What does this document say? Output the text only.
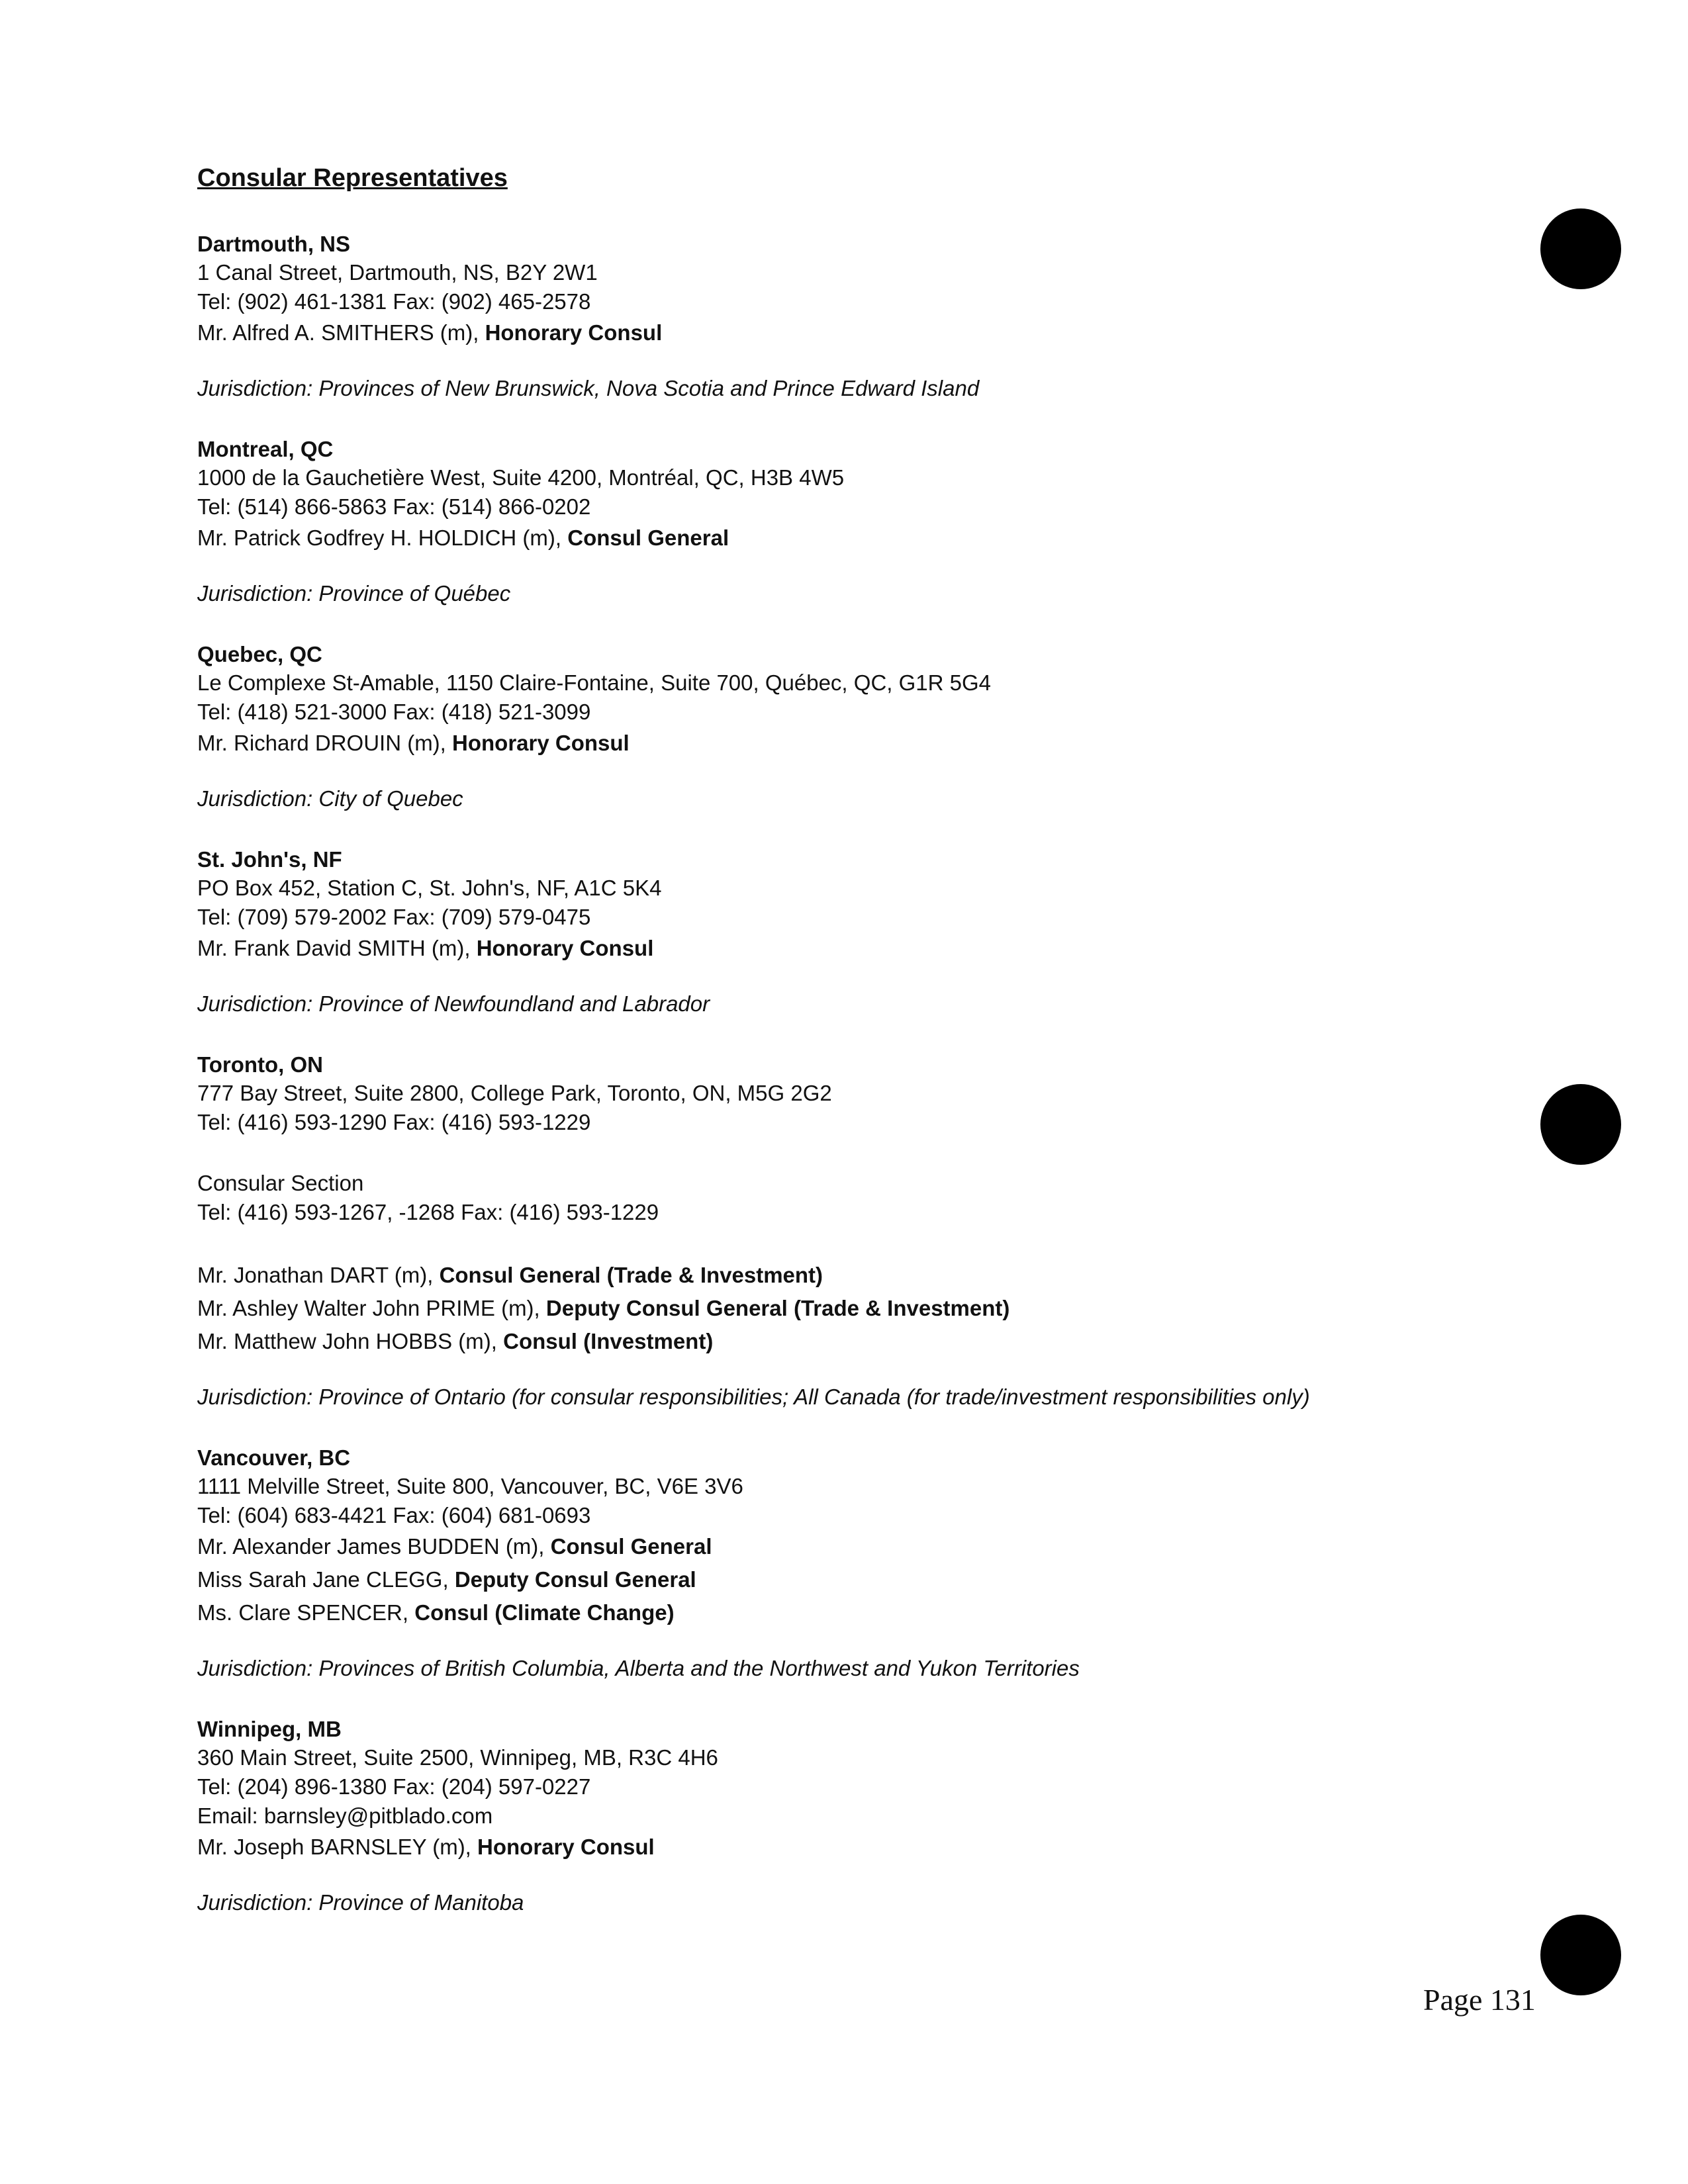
Consular Representatives
Dartmouth, NS
1 Canal Street, Dartmouth, NS, B2Y 2W1
Tel: (902) 461-1381 Fax: (902) 465-2578
Mr. Alfred A. SMITHERS (m), Honorary Consul
Jurisdiction: Provinces of New Brunswick, Nova Scotia and Prince Edward Island
Montreal, QC
1000 de la Gauchetière West, Suite 4200, Montréal, QC, H3B 4W5
Tel: (514) 866-5863 Fax: (514) 866-0202
Mr. Patrick Godfrey H. HOLDICH (m), Consul General
Jurisdiction: Province of Québec
Quebec, QC
Le Complexe St-Amable, 1150 Claire-Fontaine, Suite 700, Québec, QC, G1R 5G4
Tel: (418) 521-3000 Fax: (418) 521-3099
Mr. Richard DROUIN (m), Honorary Consul
Jurisdiction: City of Quebec
St. John's, NF
PO Box 452, Station C, St. John's, NF, A1C 5K4
Tel: (709) 579-2002 Fax: (709) 579-0475
Mr. Frank David SMITH (m), Honorary Consul
Jurisdiction: Province of Newfoundland and Labrador
Toronto, ON
777 Bay Street, Suite 2800, College Park, Toronto, ON, M5G 2G2
Tel: (416) 593-1290 Fax: (416) 593-1229
Consular Section
Tel: (416) 593-1267, -1268 Fax: (416) 593-1229
Mr. Jonathan DART (m), Consul General (Trade & Investment)
Mr. Ashley Walter John PRIME (m), Deputy Consul General (Trade & Investment)
Mr. Matthew John HOBBS (m), Consul (Investment)
Jurisdiction: Province of Ontario (for consular responsibilities; All Canada (for trade/investment responsibilities only)
Vancouver, BC
1111 Melville Street, Suite 800, Vancouver, BC, V6E 3V6
Tel: (604) 683-4421 Fax: (604) 681-0693
Mr. Alexander James BUDDEN (m), Consul General
Miss Sarah Jane CLEGG, Deputy Consul General
Ms. Clare SPENCER, Consul (Climate Change)
Jurisdiction: Provinces of British Columbia, Alberta and the Northwest and Yukon Territories
Winnipeg, MB
360 Main Street, Suite 2500, Winnipeg, MB, R3C 4H6
Tel: (204) 896-1380 Fax: (204) 597-0227
Email: barnsley@pitblado.com
Mr. Joseph BARNSLEY (m), Honorary Consul
Jurisdiction: Province of Manitoba
Page 131
